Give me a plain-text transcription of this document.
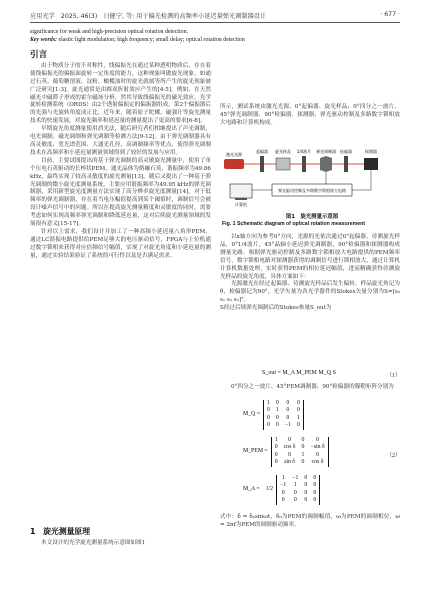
应用光学　2025, 46(3)　日健宁, 等: 用于偏光检测的高频率小延迟量弹光调制器设计	· 677 ·
significance for weak and high-precision optical rotation detection.
Key words: elastic light modulation; high frequency; small delay; optical rotation detection
引言

由于物质分子的不对称性，线偏振光在通过某种透明物质后，存在着使线偏振光的偏振面旋转一定角度的能力，这种现象叫做旋光现象。如通过石英、葡萄糖溶液、淀粉、橄榄油时的旋光就属等所产生的旋光现象被广泛研究[1-3]。旋光通常是由圆双折射效应产生的[4-5]。例如，在天然磁光中磁滞子形成的霍尔磁场分析，然其导致线偏振光的磁光效应。光学旋转检测系统（ORDS）由2个透射偏振定的偏振器组成，第2个偏振器后的光强与光旋转角度成正比。近年来，随着原子陀螺、磁强计等旋光测量技术的快速发展，对旋光频率和延迟量的测量提出了更高的要求[6-8]。

早期旋光角度测量使用消光法，随后研究者们相继提出了声光调制、电光调制、磁光调制和弹光调制等检测方法[9-12]。由于弹光调制器具有高灵敏度、宽光谱范围、大通光孔径、高调制频率等优点，使得弹光调制技术在高频率和小延迟量测量领域得到了较好的发展与应用。

目前，主要试图提出的基于弹光调制的高灵敏旋光测量中，使用了单个压电石英驱动的长棒状PEM，通光晶体为熔融石英，谐振频率为49.86 kHz，最终实现了较高灵敏度的旋光测量[13]。随后又提出了一种基于弹光调制的微小旋光度测量系统，主要应用谐振频率为49.95 kHz的弹光调制器，采用新型旋光度测量方法实现了高分辨率旋光度测量[14]。对于低频率的弹光调制器，存在着当电压幅值提高到某个阈值时，调制信号会被设计噪声信号中的问题。所以在提高旋光测量精度和灵敏度的同时，需要考虑如何实现高频率弹光调制和降低延迟量，这对后续旋光测量领域的发展很有意义[15-17]。

针对以上需求，我们设计并加工了一种高频小延迟量八角形PEM，通过LC谐振电路提供给PEM足够大的电压驱动信号，FPGA与上位机通过数字锁相来获得对应倍频信号幅值，实现了对旋光角度和小延迟量的测量，通过实验结果验证了系统的可行性以及是否满足需求。

1　旋光测量原理

本文设计的光学旋光测量系统示意图如图1

所示，测试系统由激光光源、0°起偏器、旋光样品、0°四分之一波片、45°弹光调制器、90°检偏器、探测器、弹光驱动控制及多路数字锁相放大电路和计算机构成。

激光光源
起偏器 旋光样品 1/4波片 弹光调制器 检偏器	探测器
弹光驱动控制及多路数字锁相放大电路
计算机
图1　旋光测量示意图
Fig. 1 Schematic diagram of optical rotation measurement

以x轴方向为参考0°方向，光源的光依次通过0°起偏器，待测旋光样品，0°1/4波片，45°晶轴小延迟弹光调制器，90°检偏器和探测器构成测量光路。根据弹光驱动控制及多路数字锁相放大电路提供的PEM频率信号，数字锁相电路对探测器获得的调制信号进行锁相放大，通过计算机计算机数据处理，实时获得PEM的相位延迟幅值，进而精确获得待测旋光样品的旋光角度，具体方案如下：

光源激光在经过起偏器、待测旋光样品后发生偏转，样品旋光角记为θ，检偏器记为90°，光学矢量为各光学器件的Stokes矢量分别为S=[s₀ s₁ s₂ s₃]ᵀ。

S经过后续弹光调制后的Stokes参量S_out为

S_out = M_A M_PEM M_Q S	（1）

0°四分之一波片、45°PEM调制器、90°检偏器的穆勒矩阵分别为

M_Q =	
1	0	0	0
0	1	0	0
0	0	0	1
0	0	−1	0
M_PEM =	
1	0	0	0
0	cos δ	0	−sin δ
0	0	1	0
0	sin δ	0	cos δ
（2）
M_A =	1/2	
1	−1	0	0
−1	1	0	0
0	0	0	0
0	0	0	0

式中：δ = δ₀sinωt，δ₀为PEM的调制幅值，ω为PEM的调制相位，ω = 2πf为PEM的调制驱动频率，
